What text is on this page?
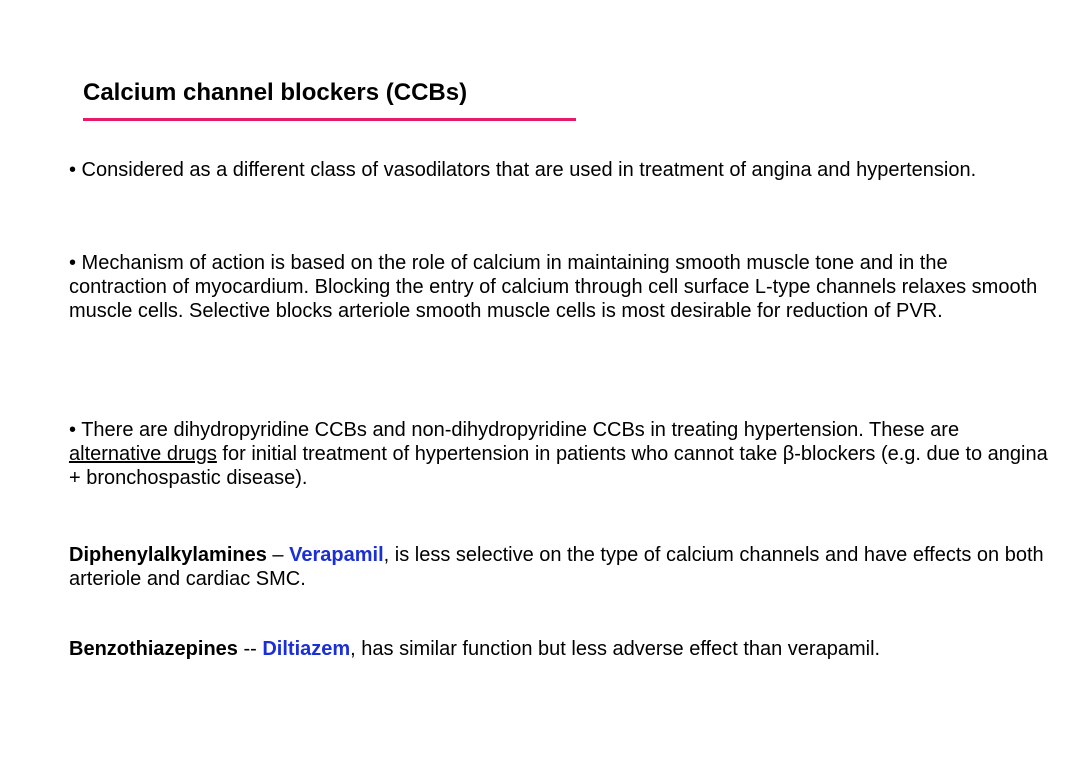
Calcium channel blockers (CCBs)

• Considered as a different class of vasodilators that are used in treatment of angina and hypertension.

• Mechanism of action is based on the role of calcium in maintaining smooth muscle tone and in the contraction of myocardium. Blocking the entry of calcium through cell surface L-type channels relaxes smooth muscle cells. Selective blocks arteriole smooth muscle cells is most desirable for reduction of PVR.

• There are dihydropyridine CCBs and non-dihydropyridine CCBs in treating hypertension. These are alternative drugs for initial treatment of hypertension in patients who cannot take β-blockers (e.g. due to angina + bronchospastic disease).

Diphenylalkylamines – Verapamil, is less selective on the type of calcium channels and have effects on both arteriole and cardiac SMC.

Benzothiazepines -- Diltiazem, has similar function but less adverse effect than verapamil.
